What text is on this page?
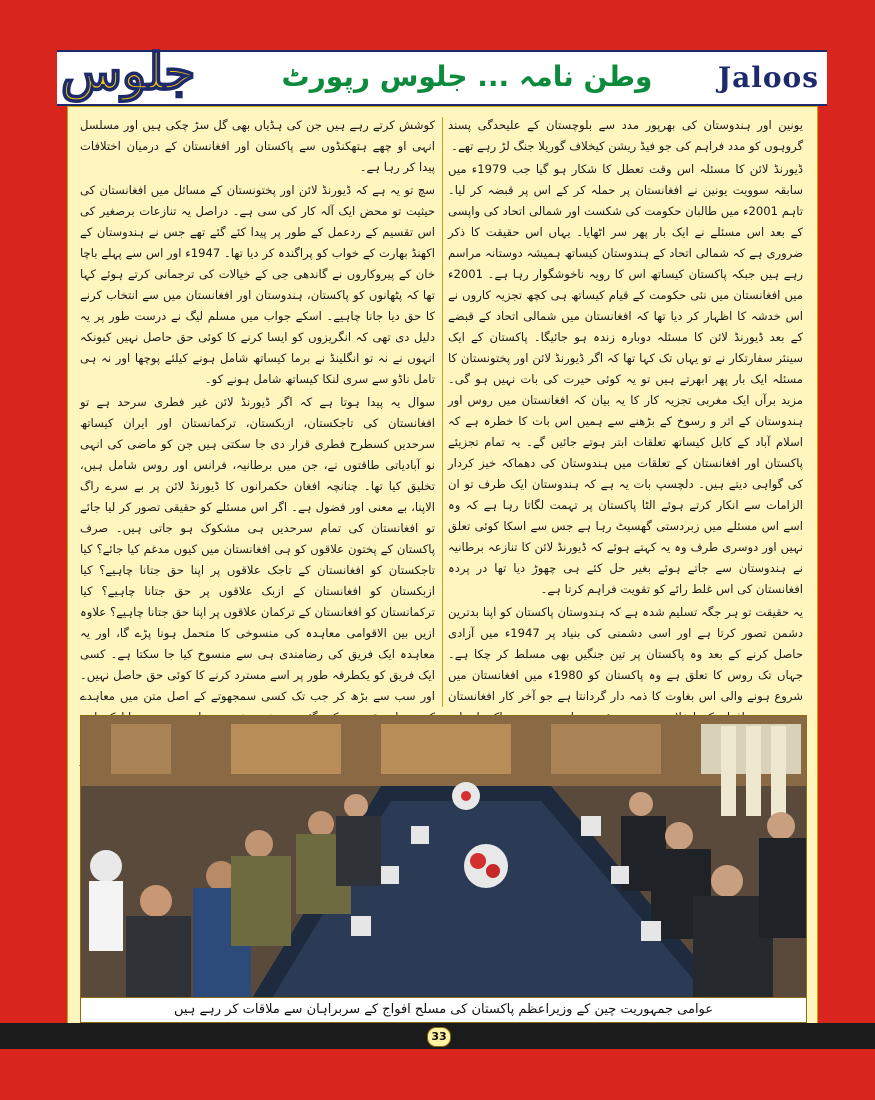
جلوس	وطن نامہ ... جلوس رپورٹ	Jaloos

یونین اور ہندوستان کی بھرپور مدد سے بلوچستان کے علیحدگی پسند گروہوں کو مدد فراہم کی جو فیڈ ریشن کیخلاف گوریلا جنگ لڑ رہے تھے۔

ڈیورنڈ لائن کا مسئلہ اس وقت تعطل کا شکار ہو گیا جب 1979ء میں سابقہ سوویت یونین نے افغانستان پر حملہ کر کے اس پر قبضہ کر لیا۔ تاہم 2001ء میں طالبان حکومت کی شکست اور شمالی اتحاد کی واپسی کے بعد اس مسئلے نے ایک بار پھر سر اٹھایا۔ یہاں اس حقیقت کا ذکر ضروری ہے کہ شمالی اتحاد کے ہندوستان کیساتھ ہمیشہ دوستانہ مراسم رہے ہیں جبکہ پاکستان کیساتھ اس کا رویہ ناخوشگوار رہا ہے۔ 2001ء میں افغانستان میں نئی حکومت کے قیام کیساتھ ہی کچھ تجزیہ کاروں نے اس خدشہ کا اظہار کر دیا تھا کہ افغانستان میں شمالی اتحاد کے قبضے کے بعد ڈیورنڈ لائن کا مسئلہ دوبارہ زندہ ہو جائیگا۔ پاکستان کے ایک سینئر سفارتکار نے تو یہاں تک کہا تھا کہ اگر ڈیورنڈ لائن اور پختونستان کا مسئلہ ایک بار پھر ابھرتے ہیں تو یہ کوئی حیرت کی بات نہیں ہو گی۔ مزید برآں ایک مغربی تجزیہ کار کا یہ بیان کہ افغانستان میں روس اور ہندوستان کے اثر و رسوخ کے بڑھنے سے ہمیں اس بات کا خطرہ ہے کہ اسلام آباد کے کابل کیساتھ تعلقات ابتر ہوتے جائیں گے۔ یہ تمام تجزیئے پاکستان اور افغانستان کے تعلقات میں ہندوستان کی دھماکہ خیز کردار کی گواہی دیتے ہیں۔ دلچسپ بات یہ ہے کہ ہندوستان ایک طرف تو ان الزامات سے انکار کرتے ہوئے الٹا پاکستان پر تہمت لگاتا رہا ہے کہ وہ اسے اس مسئلے میں زبردستی گھسیٹ رہا ہے جس سے اسکا کوئی تعلق نہیں اور دوسری طرف وہ یہ کہتے ہوئے کہ ڈیورنڈ لائن کا تنازعہ برطانیہ نے ہندوستان سے جاتے ہوئے بغیر حل کئے ہی چھوڑ دیا تھا در پردہ افغانستان کی اس غلط رائے کو تقویت فراہم کرتا ہے۔

یہ حقیقت تو ہر جگہ تسلیم شدہ ہے کہ ہندوستان پاکستان کو اپنا بدترین دشمن تصور کرتا ہے اور اسی دشمنی کی بنیاد پر 1947ء میں آزادی حاصل کرنے کے بعد وہ پاکستان پر تین جنگیں بھی مسلط کر چکا ہے۔ جہاں تک روس کا تعلق ہے وہ پاکستان کو 1980ء میں افغانستان میں شروع ہونے والی اس بغاوت کا ذمہ دار گردانتا ہے جو آخر کار افغانستان

کوشش کرتے رہے ہیں جن کی ہڈیاں بھی گل سڑ چکی ہیں اور مسلسل انہی او چھے ہتھکنڈوں سے پاکستان اور افغانستان کے درمیان اختلافات پیدا کر رہا ہے۔

سچ تو یہ ہے کہ ڈیورنڈ لائن اور پختونستان کے مسائل میں افغانستان کی حیثیت تو محض ایک آلہ کار کی سی ہے۔ دراصل یہ تنازعات برصغیر کی اس تقسیم کے ردعمل کے طور پر پیدا کئے گئے تھے جس نے ہندوستان کے اکھنڈ بھارت کے خواب کو پراگندہ کر دیا تھا۔ 1947ء اور اس سے پہلے باچا خان کے پیروکاروں نے گاندھی جی کے خیالات کی ترجمانی کرتے ہوئے کہا تھا کہ پٹھانوں کو پاکستان، ہندوستان اور افغانستان میں سے انتخاب کرنے کا حق دیا جانا چاہیے۔ اسکے جواب میں مسلم لیگ نے درست طور پر یہ دلیل دی تھی کہ انگریزوں کو ایسا کرنے کا کوئی حق حاصل نہیں کیونکہ انہوں نے نہ تو انگلینڈ نے برما کیساتھ شامل ہونے کیلئے پوچھا اور نہ ہی تامل ناڈو سے سری لنکا کیساتھ شامل ہونے کو۔

سوال یہ پیدا ہوتا ہے کہ اگر ڈیورنڈ لائن غیر فطری سرحد ہے تو افغانستان کی تاجکستان، ازبکستان، ترکمانستان اور ایران کیساتھ سرحدیں کسطرح فطری قرار دی جا سکتی ہیں جن کو ماضی کی انہی نو آبادیاتی طاقتوں نے، جن میں برطانیہ، فرانس اور روس شامل ہیں، تخلیق کیا تھا۔ چنانچہ افغان حکمرانوں کا ڈیورنڈ لائن پر بے سرے راگ الاپنا، بے معنی اور فضول ہے۔ اگر اس مسئلے کو حقیقی تصور کر لیا جائے تو افغانستان کی تمام سرحدیں ہی مشکوک ہو جاتی ہیں۔ صرف پاکستان کے پختون علاقوں کو ہی افغانستان میں کیوں مدغم کیا جائے؟ کیا تاجکستان کو افغانستان کے تاجک علاقوں پر اپنا حق جتانا چاہیے؟ کیا ازبکستان کو افغانستان کے ازبک علاقوں پر حق جتانا چاہیے؟ کیا ترکمانستان کو افغانستان کے ترکمان علاقوں پر اپنا حق جتانا چاہیے؟ علاوہ ازیں بین الاقوامی معاہدہ کی منسوخی کا متحمل ہونا پڑے گا، اور یہ معاہدہ ایک فریق کی رضامندی ہی سے منسوخ کیا جا سکتا ہے۔ کسی ایک فریق کو یکطرفہ طور پر اسے مسترد کرنے کا کوئی حق حاصل نہیں۔ اور سب سے بڑھ کر جب تک کسی سمجھوتے کے اصل متن میں معاہدے

عوامی جمہوریت چین کے وزیراعظم پاکستان کی مسلح افواج کے سربراہان سے ملاقات کر رہے ہیں
33
